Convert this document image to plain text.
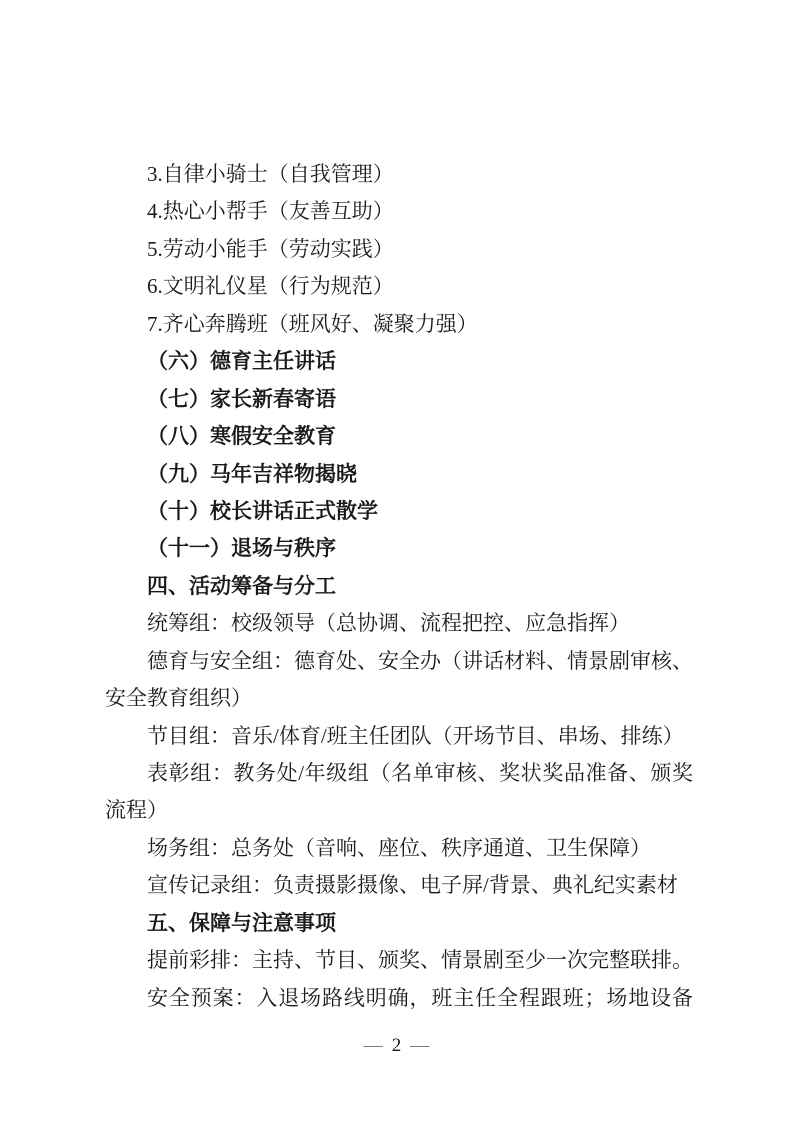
3.自律小骑士（自我管理）
4.热心小帮手（友善互助）
5.劳动小能手（劳动实践）
6.文明礼仪星（行为规范）
7.齐心奔腾班（班风好、凝聚力强）
（六）德育主任讲话
（七）家长新春寄语
（八）寒假安全教育
（九）马年吉祥物揭晓
（十）校长讲话正式散学
（十一）退场与秩序
四、活动筹备与分工
统筹组：校级领导（总协调、流程把控、应急指挥）
德育与安全组：德育处、安全办（讲话材料、情景剧审核、
安全教育组织）
节目组：音乐/体育/班主任团队（开场节目、串场、排练）
表彰组：教务处/年级组（名单审核、奖状奖品准备、颁奖
流程）
场务组：总务处（音响、座位、秩序通道、卫生保障）
宣传记录组：负责摄影摄像、电子屏/背景、典礼纪实素材
五、保障与注意事项
提前彩排：主持、节目、颁奖、情景剧至少一次完整联排。
安全预案：入退场路线明确，班主任全程跟班；场地设备
— 2 —
